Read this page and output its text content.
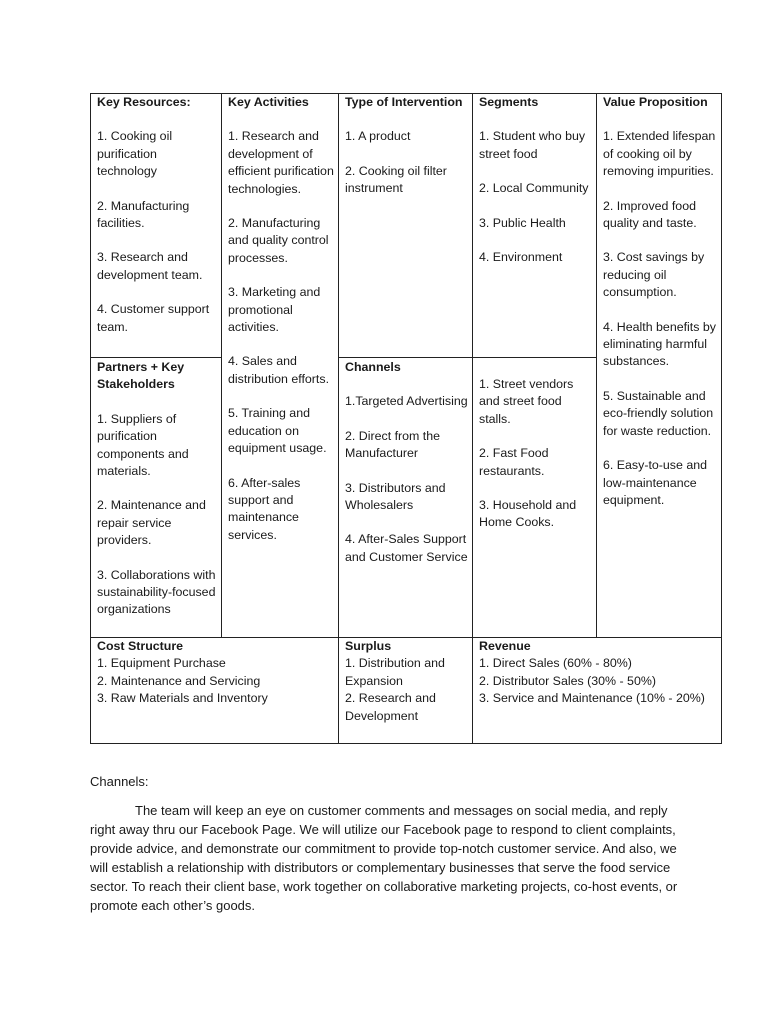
Key Resources:
1. Cooking oil purification technology
2. Manufacturing facilities.
3. Research and development team.
4. Customer support team.
Partners + Key Stakeholders
1. Suppliers of purification components and materials.
2. Maintenance and repair service providers.
3. Collaborations with sustainability-focused organizations
Key Activities
1. Research and development of efficient purification technologies.
2. Manufacturing and quality control processes.
3. Marketing and promotional activities.
4. Sales and distribution efforts.
5. Training and education on equipment usage.
6. After-sales support and maintenance services.
Type of Intervention
1. A product
2. Cooking oil filter instrument
Channels
1.Targeted Advertising
2. Direct from the Manufacturer
3. Distributors and Wholesalers
4. After-Sales Support and Customer Service
Segments
1. Student who buy street food
2. Local Community
3. Public Health
4. Environment
1. Street vendors and street food stalls.
2. Fast Food restaurants.
3. Household and Home Cooks.
Value Proposition
1. Extended lifespan of cooking oil by removing impurities.
2. Improved food quality and taste.
3. Cost savings by reducing oil consumption.
4. Health benefits by eliminating harmful substances.
5. Sustainable and eco-friendly solution for waste reduction.
6. Easy-to-use and low-maintenance equipment.
Cost Structure
1. Equipment Purchase
2. Maintenance and Servicing
3. Raw Materials and Inventory
Surplus
1. Distribution and Expansion
2. Research and Development
Revenue
1. Direct Sales (60% - 80%)
2. Distributor Sales (30% - 50%)
3. Service and Maintenance (10% - 20%)
Channels:
The team will keep an eye on customer comments and messages on social media, and reply right away thru our Facebook Page. We will utilize our Facebook page to respond to client complaints, provide advice, and demonstrate our commitment to provide top-notch customer service. And also, we will establish a relationship with distributors or complementary businesses that serve the food service sector. To reach their client base, work together on collaborative marketing projects, co-host events, or promote each other’s goods.
